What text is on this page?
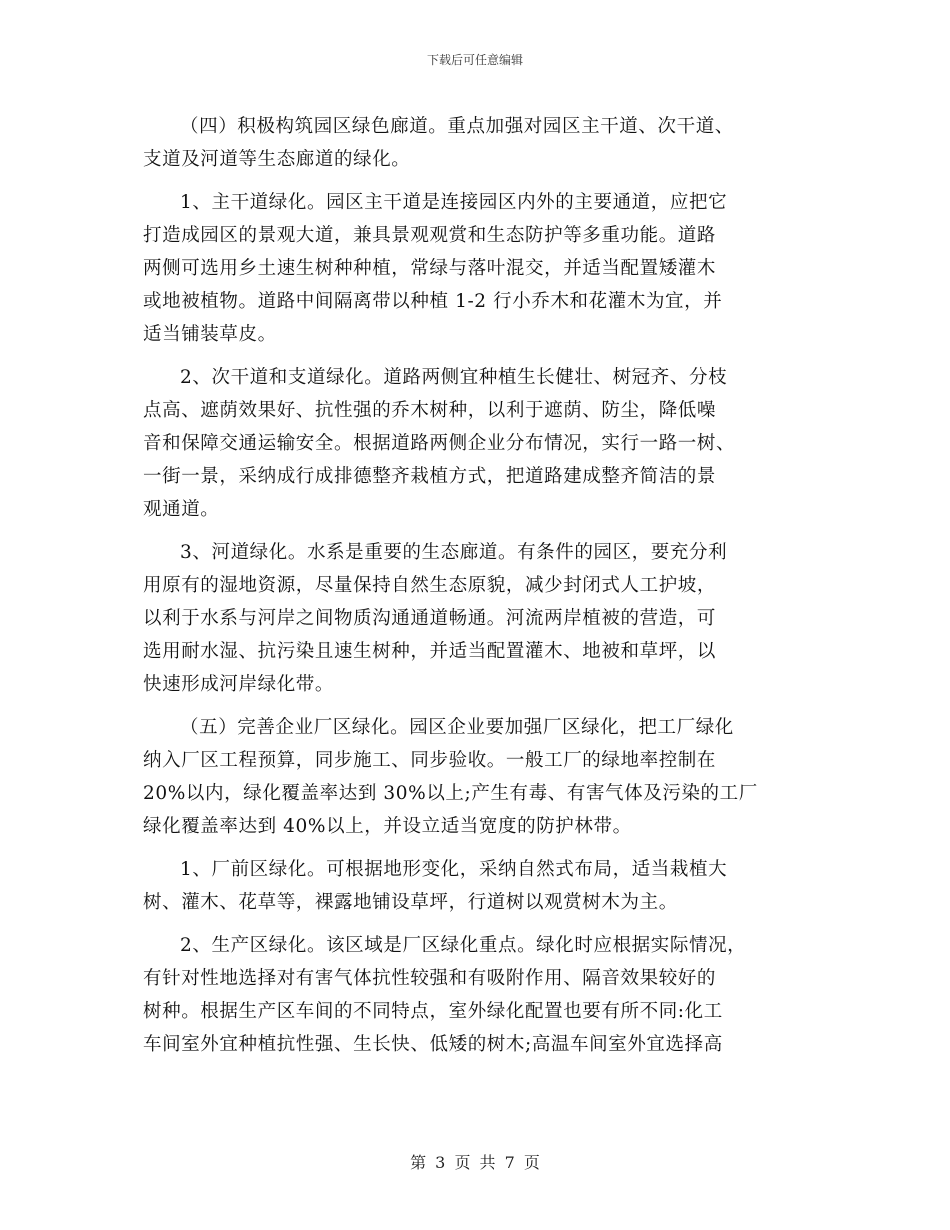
下载后可任意编辑
（四）积极构筑园区绿色廊道。重点加强对园区主干道、次干道、
支道及河道等生态廊道的绿化。
1、主干道绿化。园区主干道是连接园区内外的主要通道，应把它
打造成园区的景观大道，兼具景观观赏和生态防护等多重功能。道路
两侧可选用乡土速生树种种植，常绿与落叶混交，并适当配置矮灌木
或地被植物。道路中间隔离带以种植 1-2 行小乔木和花灌木为宜，并
适当铺装草皮。
2、次干道和支道绿化。道路两侧宜种植生长健壮、树冠齐、分枝
点高、遮荫效果好、抗性强的乔木树种，以利于遮荫、防尘，降低噪
音和保障交通运输安全。根据道路两侧企业分布情况，实行一路一树、
一街一景，采纳成行成排德整齐栽植方式，把道路建成整齐简洁的景
观通道。
3、河道绿化。水系是重要的生态廊道。有条件的园区，要充分利
用原有的湿地资源，尽量保持自然生态原貌，减少封闭式人工护坡，
以利于水系与河岸之间物质沟通通道畅通。河流两岸植被的营造，可
选用耐水湿、抗污染且速生树种，并适当配置灌木、地被和草坪，以
快速形成河岸绿化带。
（五）完善企业厂区绿化。园区企业要加强厂区绿化，把工厂绿化
纳入厂区工程预算，同步施工、同步验收。一般工厂的绿地率控制在
20%以内，绿化覆盖率达到 30%以上;产生有毒、有害气体及污染的工厂
绿化覆盖率达到 40%以上，并设立适当宽度的防护林带。
1、厂前区绿化。可根据地形变化，采纳自然式布局，适当栽植大
树、灌木、花草等，裸露地铺设草坪，行道树以观赏树木为主。
2、生产区绿化。该区域是厂区绿化重点。绿化时应根据实际情况，
有针对性地选择对有害气体抗性较强和有吸附作用、隔音效果较好的
树种。根据生产区车间的不同特点，室外绿化配置也要有所不同:化工
车间室外宜种植抗性强、生长快、低矮的树木;高温车间室外宜选择高
第 3 页 共 7 页
